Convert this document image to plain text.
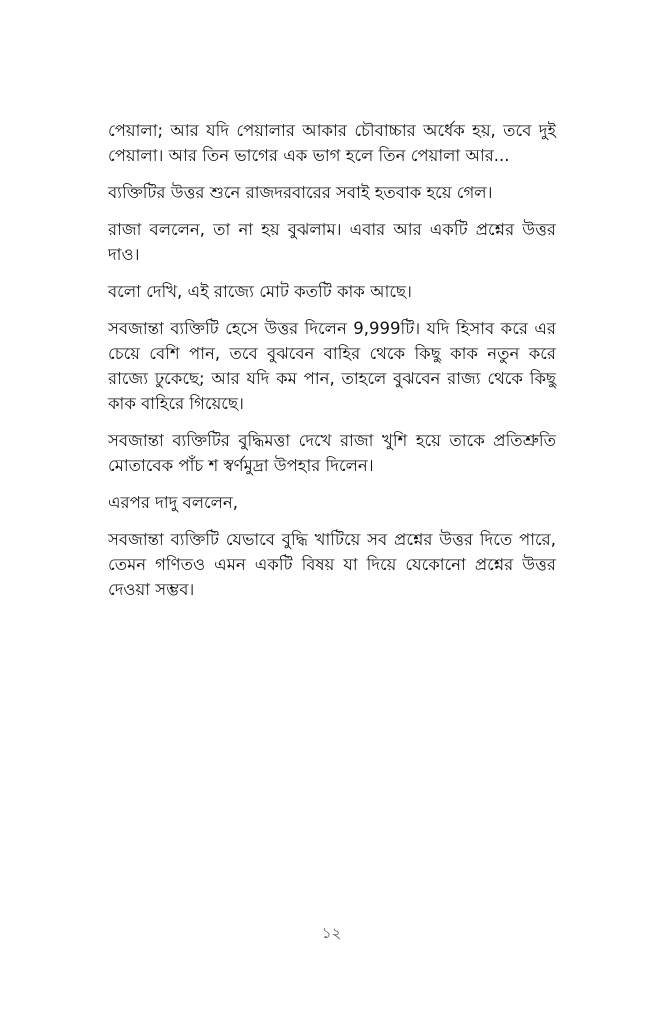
পেয়ালা; আর যদি পেয়ালার আকার চৌবাচ্চার অর্ধেক হয়, তবে দুই পেয়ালা। আর তিন ভাগের এক ভাগ হলে তিন পেয়ালা আর...

ব্যক্তিটির উত্তর শুনে রাজদরবারের সবাই হতবাক হয়ে গেল।

রাজা বললেন, তা না হয় বুঝলাম। এবার আর একটি প্রশ্নের উত্তর দাও।

বলো দেখি, এই রাজ্যে মোট কতটি কাক আছে।

সবজান্তা ব্যক্তিটি হেসে উত্তর দিলেন 9,999টি। যদি হিসাব করে এর চেয়ে বেশি পান, তবে বুঝবেন বাহির থেকে কিছু কাক নতুন করে রাজ্যে ঢুকেছে; আর যদি কম পান, তাহলে বুঝবেন রাজ্য থেকে কিছু কাক বাহিরে গিয়েছে।

সবজান্তা ব্যক্তিটির বুদ্ধিমত্তা দেখে রাজা খুশি হয়ে তাকে প্রতিশ্রুতি মোতাবেক পাঁচ শ স্বর্ণমুদ্রা উপহার দিলেন।

এরপর দাদু বললেন,

সবজান্তা ব্যক্তিটি যেভাবে বুদ্ধি খাটিয়ে সব প্রশ্নের উত্তর দিতে পারে, তেমন গণিতও এমন একটি বিষয় যা দিয়ে যেকোনো প্রশ্নের উত্তর দেওয়া সম্ভব।

১২
